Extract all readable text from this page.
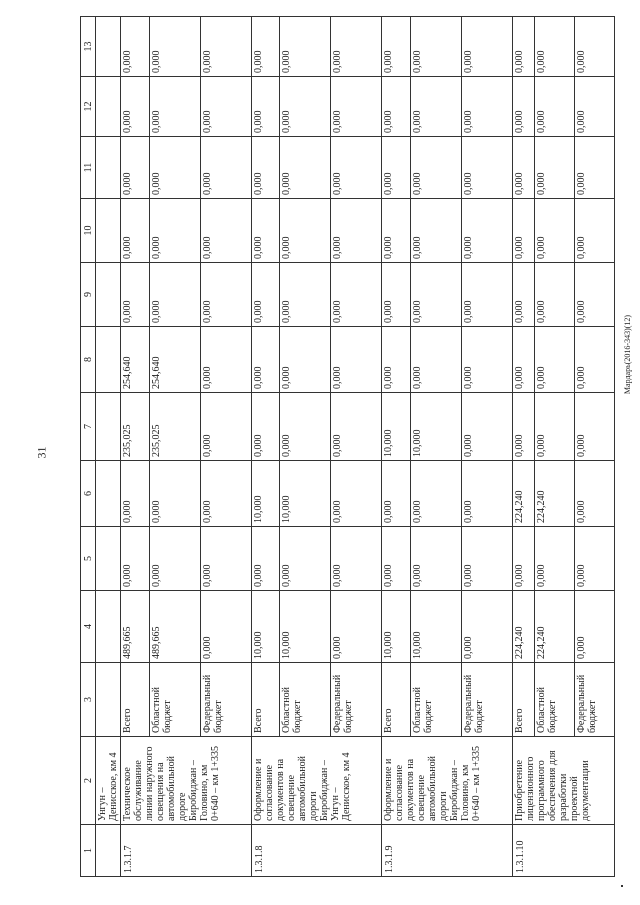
31
Мардарь(2016-343)(12)
1	2	3	4	5	6	7	8	9	10	11	12	13
	Унгун –
Денисское, км 4											
1.3.1.7	Техническое обслуживание линии наружного освещения на автомобильной дороге Биробиджан – Головино, км 0+640 – км 1+335	Всего	489,665	0,000	0,000	235,025	254,640	0,000	0,000	0,000	0,000	0,000
		Областной бюджет	489,665	0,000	0,000	235,025	254,640	0,000	0,000	0,000	0,000	0,000
		Федеральный бюджет	0,000	0,000	0,000	0,000	0,000	0,000	0,000	0,000	0,000	0,000
1.3.1.8	Оформление и согласование документов на освещение автомобильной дороги Биробиджан – Унгун – Денисское, км 4	Всего	10,000	0,000	10,000	0,000	0,000	0,000	0,000	0,000	0,000	0,000
		Областной бюджет	10,000	0,000	10,000	0,000	0,000	0,000	0,000	0,000	0,000	0,000
		Федеральный бюджет	0,000	0,000	0,000	0,000	0,000	0,000	0,000	0,000	0,000	0,000
1.3.1.9	Оформление и согласование документов на освещение автомобильной дороги Биробиджан – Головино, км 0+640 – км 1+335	Всего	10,000	0,000	0,000	10,000	0,000	0,000	0,000	0,000	0,000	0,000
		Областной бюджет	10,000	0,000	0,000	10,000	0,000	0,000	0,000	0,000	0,000	0,000
		Федеральный бюджет	0,000	0,000	0,000	0,000	0,000	0,000	0,000	0,000	0,000	0,000
1.3.1.10	Приобретение лицензионного программного обеспечения для разработки проектной документации	Всего	224,240	0,000	224,240	0,000	0,000	0,000	0,000	0,000	0,000	0,000
		Областной бюджет	224,240	0,000	224,240	0,000	0,000	0,000	0,000	0,000	0,000	0,000
		Федеральный бюджет	0,000	0,000	0,000	0,000	0,000	0,000	0,000	0,000	0,000	0,000
